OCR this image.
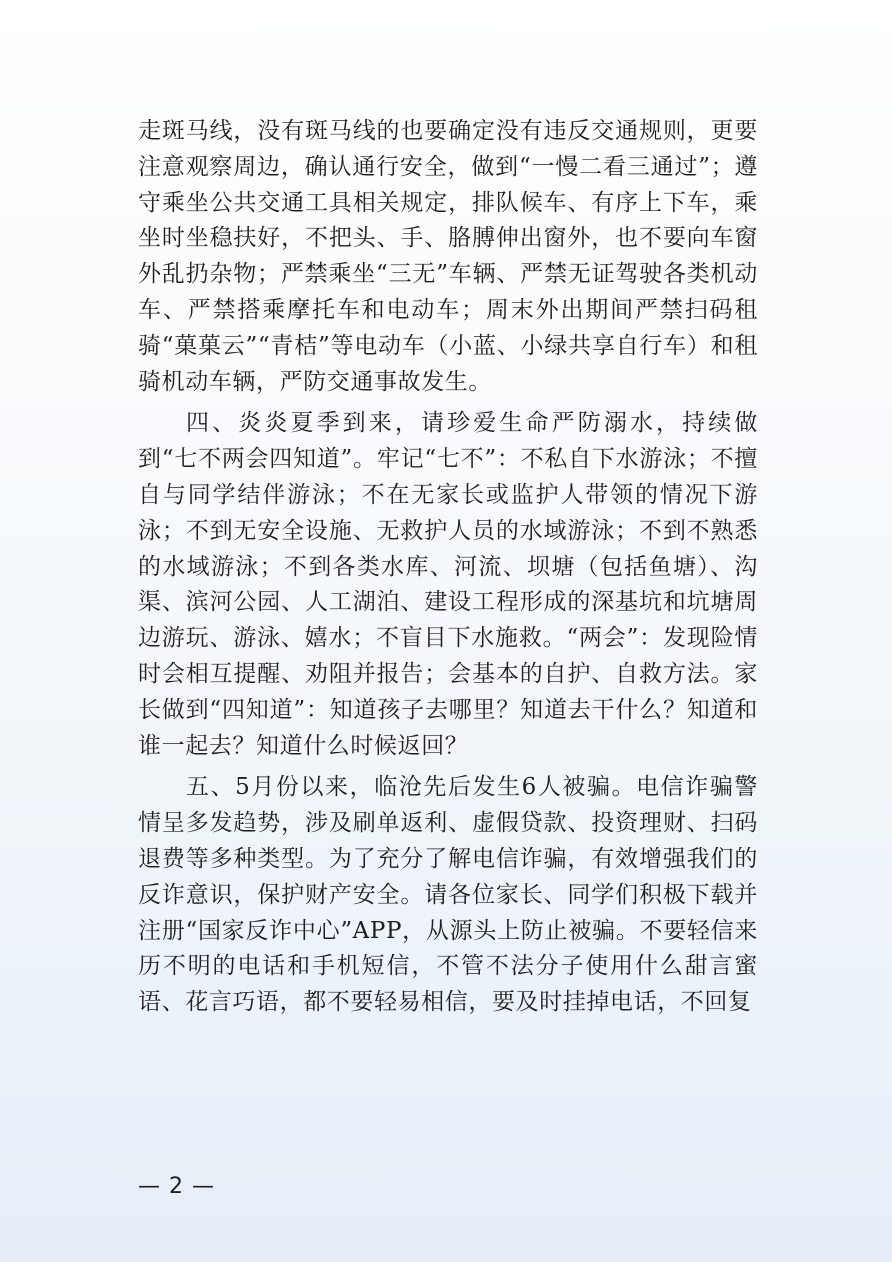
走斑马线，没有斑马线的也要确定没有违反交通规则，更要注意观察周边，确认通行安全，做到“一慢二看三通过”；遵守乘坐公共交通工具相关规定，排队候车、有序上下车，乘坐时坐稳扶好，不把头、手、胳膊伸出窗外，也不要向车窗外乱扔杂物；严禁乘坐“三无”车辆、严禁无证驾驶各类机动车、严禁搭乘摩托车和电动车；周末外出期间严禁扫码租骑“菓菓云”“青桔”等电动车（小蓝、小绿共享自行车）和租骑机动车辆，严防交通事故发生。

四、炎炎夏季到来，请珍爱生命严防溺水，持续做到“七不两会四知道”。牢记“七不”：不私自下水游泳；不擅自与同学结伴游泳；不在无家长或监护人带领的情况下游泳；不到无安全设施、无救护人员的水域游泳；不到不熟悉的水域游泳；不到各类水库、河流、坝塘（包括鱼塘）、沟渠、滨河公园、人工湖泊、建设工程形成的深基坑和坑塘周边游玩、游泳、嬉水；不盲目下水施救。“两会”：发现险情时会相互提醒、劝阻并报告；会基本的自护、自救方法。家长做到“四知道”：知道孩子去哪里？知道去干什么？知道和谁一起去？知道什么时候返回？

五、5月份以来，临沧先后发生6人被骗。电信诈骗警情呈多发趋势，涉及刷单返利、虚假贷款、投资理财、扫码退费等多种类型。为了充分了解电信诈骗，有效增强我们的反诈意识，保护财产安全。请各位家长、同学们积极下载并注册“国家反诈中心”APP，从源头上防止被骗。不要轻信来历不明的电话和手机短信，不管不法分子使用什么甜言蜜语、花言巧语，都不要轻易相信，要及时挂掉电话，不回复

— 2 —
